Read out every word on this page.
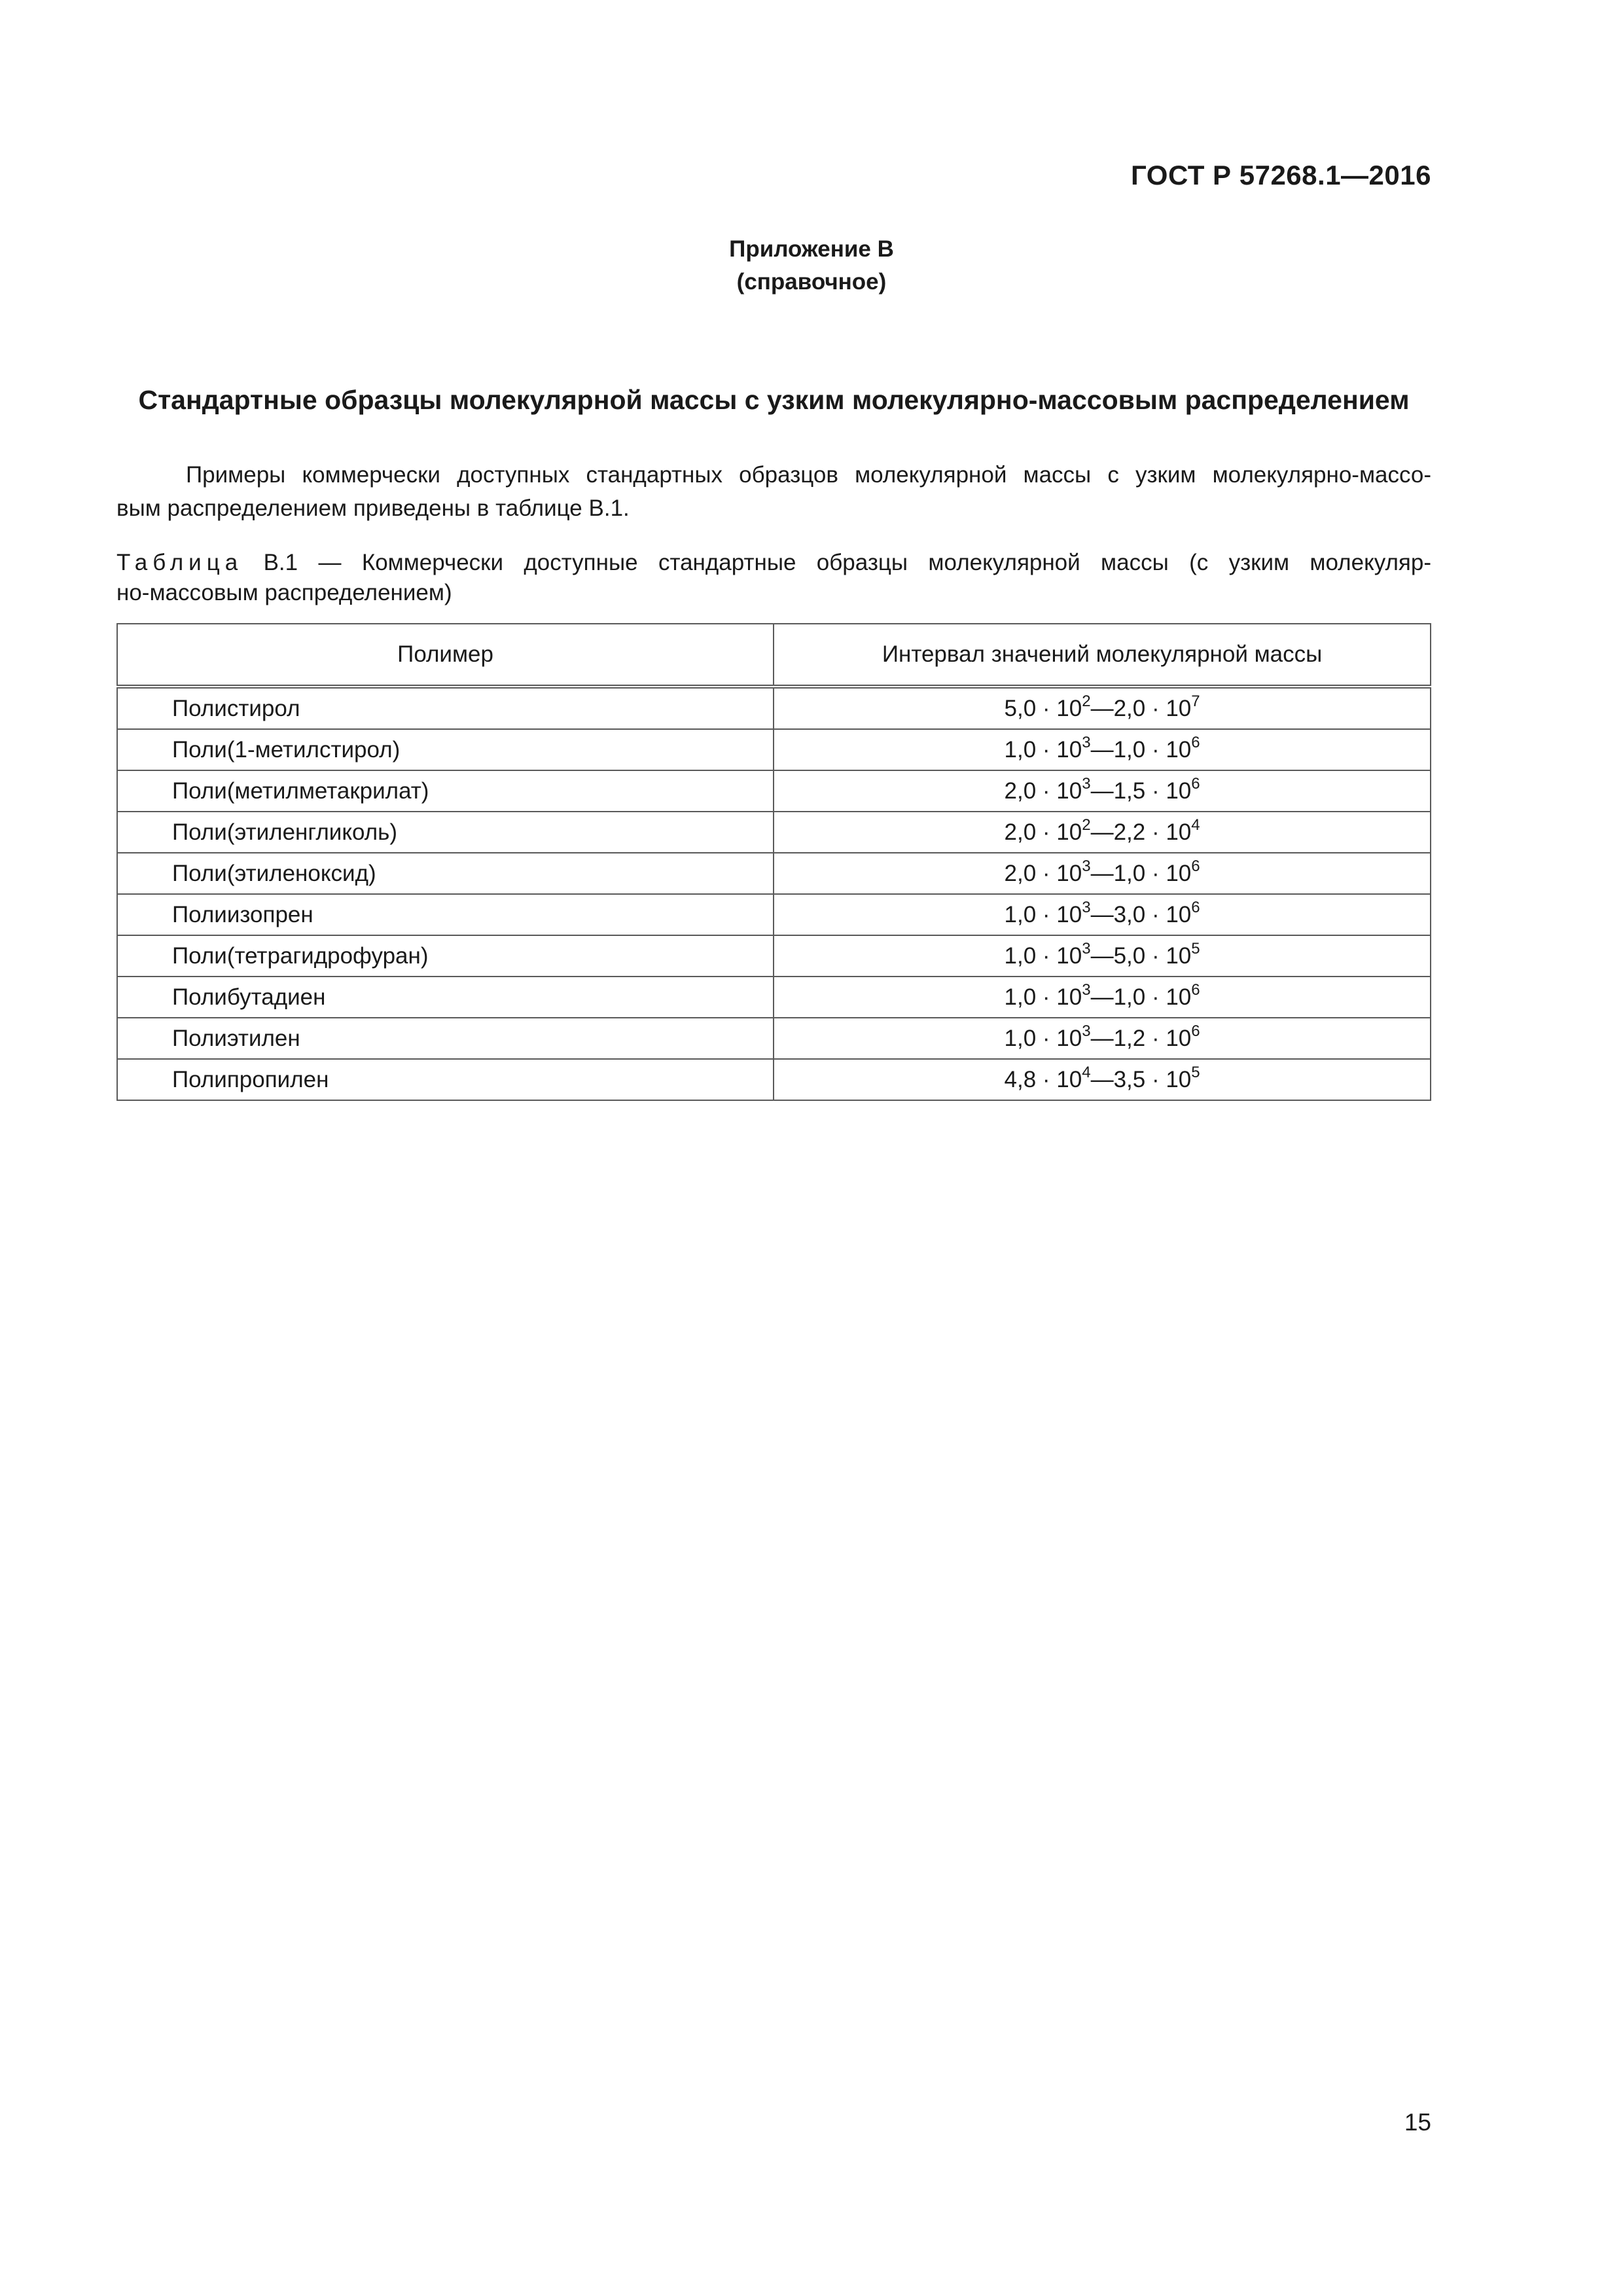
ГОСТ Р 57268.1—2016
Приложение В
(справочное)
Стандартные образцы молекулярной массы с узким молекулярно-массовым распределением
Примеры коммерчески доступных стандартных образцов молекулярной массы с узким молекулярно-массо-
вым распределением приведены в таблице В.1.
Таблица В.1 — Коммерчески доступные стандартные образцы молекулярной массы (с узким молекуляр-
но-массовым распределением)
Полимер	Интервал значений молекулярной массы
Полистирол	$5,0 \cdot 10^2—2,0 \cdot 10^7$
Поли(1-метилстирол)	$1,0 \cdot 10^3—1,0 \cdot 10^6$
Поли(метилметакрилат)	$2,0 \cdot 10^3—1,5 \cdot 10^6$
Поли(этиленгликоль)	$2,0 \cdot 10^2—2,2 \cdot 10^4$
Поли(этиленоксид)	$2,0 \cdot 10^3—1,0 \cdot 10^6$
Полиизопрен	$1,0 \cdot 10^3—3,0 \cdot 10^6$
Поли(тетрагидрофуран)	$1,0 \cdot 10^3—5,0 \cdot 10^5$
Полибутадиен	$1,0 \cdot 10^3—1,0 \cdot 10^6$
Полиэтилен	$1,0 \cdot 10^3—1,2 \cdot 10^6$
Полипропилен	$4,8 \cdot 10^4—3,5 \cdot 10^5$
15
